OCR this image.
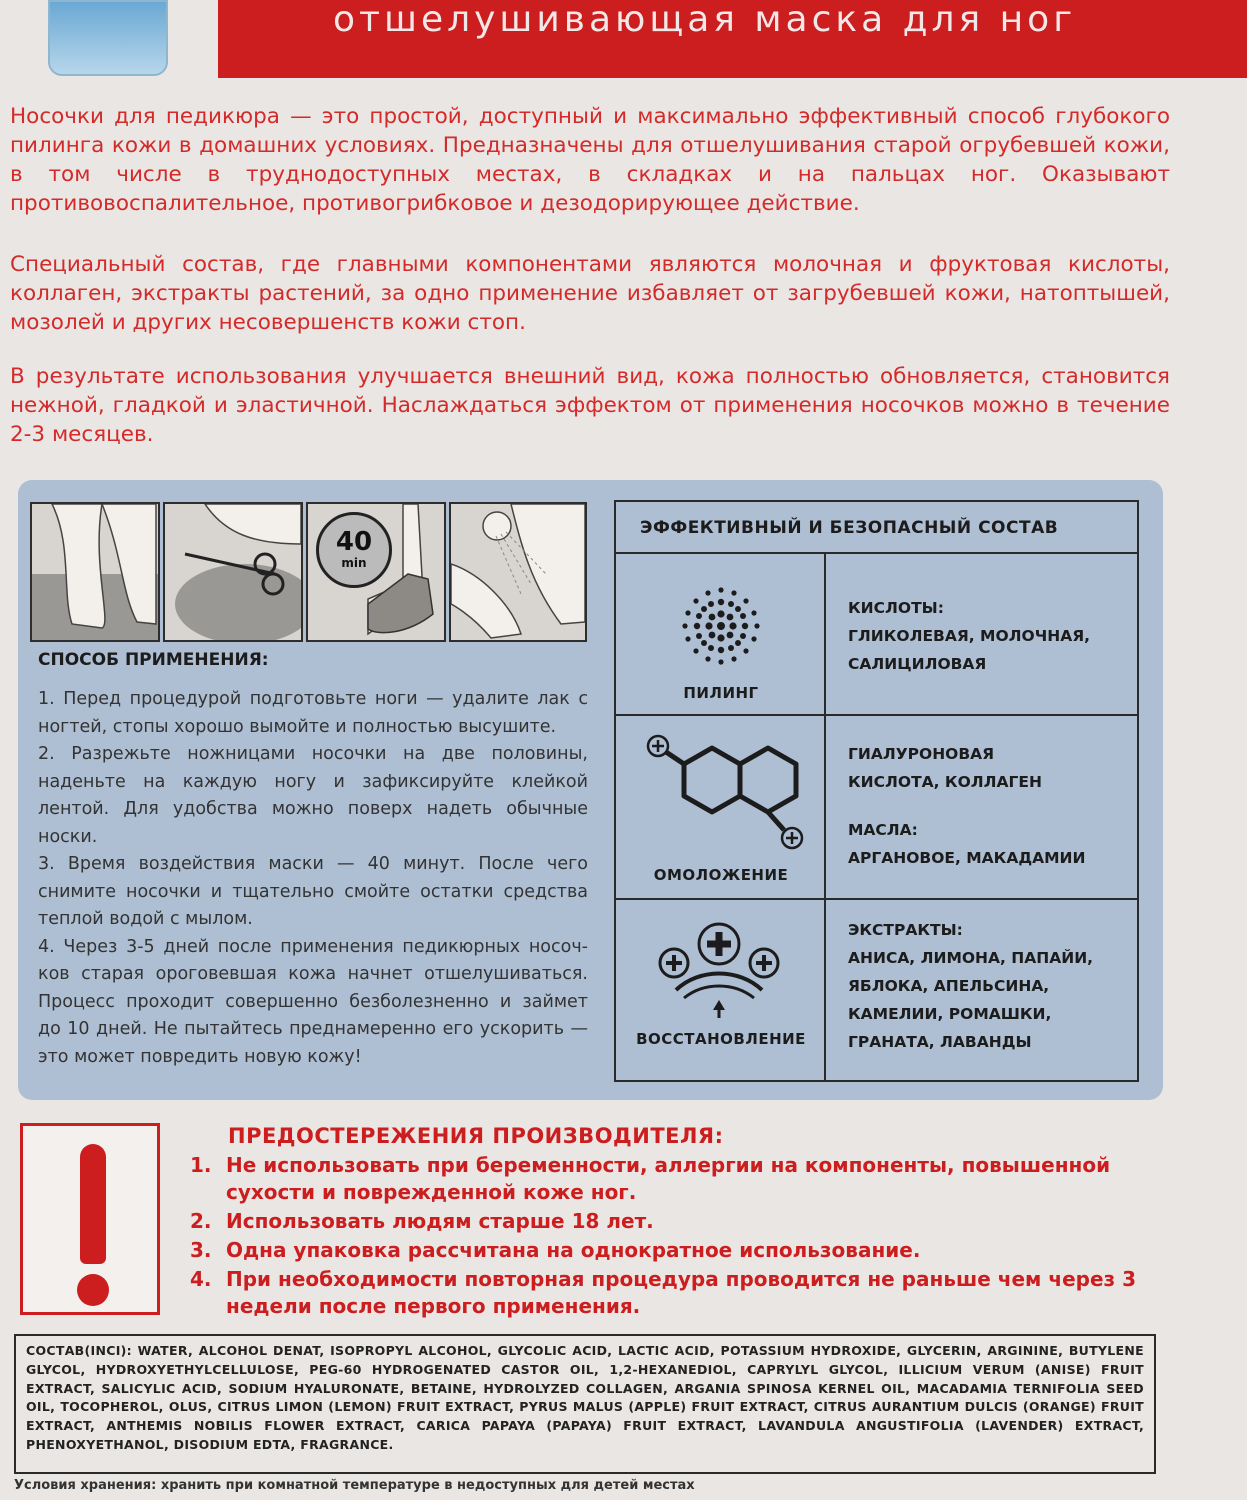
отшелушивающая маска для ног

Носочки для педикюра — это простой, доступный и максимально эффективный способ глубокого пилинга кожи в домашних условиях. Предназначены для отшелушивания старой огрубевшей кожи, в том числе в труднодоступных местах, в складках и на пальцах ног. Оказывают противовоспалительное, противогрибковое и дезодорирующее действие.

Специальный состав, где главными компонентами являются молочная и фруктовая кислоты, коллаген, экстракты растений, за одно применение избавляет от загрубевшей кожи, натоптышей, мозолей и других несовершенств кожи стоп.

В результате использования улучшается внешний вид, кожа полностью обновляется, становится нежной, гладкой и эластичной. Наслаждаться эффектом от применения носочков можно в течение 2-3 месяцев.

40
min
СПОСОБ ПРИМЕНЕНИЯ:

1. Перед процедурой подготовьте ноги — удалите лак с ногтей, стопы хорошо вымойте и полностью высушите.

2. Разрежьте ножницами носочки на две половины, наденьте на каждую ногу и зафиксируйте клейкой лентой. Для удобства можно поверх надеть обычные носки.

3. Время воздействия маски — 40 минут. После чего снимите носочки и тщательно смойте остатки средства теплой водой с мылом.

4. Через 3-5 дней после применения педикюрных носоч-ков старая ороговевшая кожа начнет отшелушиваться. Процесс проходит совершенно безболезненно и займет до 10 дней. Не пытайтесь преднамеренно его ускорить — это может повредить новую кожу!

ЭФФЕКТИВНЫЙ И БЕЗОПАСНЫЙ СОСТАВ
ПИЛИНГ
КИСЛОТЫ:
ГЛИКОЛЕВАЯ, МОЛОЧНАЯ,
САЛИЦИЛОВАЯ
ОМОЛОЖЕНИЕ
ГИАЛУРОНОВАЯ
КИСЛОТА, КОЛЛАГЕН
МАСЛА:
АРГАНОВОЕ, МАКАДАМИИ
ВОССТАНОВЛЕНИЕ
ЭКСТРАКТЫ:
АНИСА, ЛИМОНА, ПАПАЙИ,
ЯБЛОКА, АПЕЛЬСИНА,
КАМЕЛИИ, РОМАШКИ,
ГРАНАТА, ЛАВАНДЫ
ПРЕДОСТЕРЕЖЕНИЯ ПРОИЗВОДИТЕЛЯ:
1. Не использовать при беременности, аллергии на компоненты, повышенной сухости и поврежденной коже ног.
2. Использовать людям старше 18 лет.
3. Одна упаковка рассчитана на однократное использование.
4. При необходимости повторная процедура проводится не раньше чем через 3 недели после первого применения.
СОСТАВ(INCI): WATER, ALCOHOL DENAT, ISOPROPYL ALCOHOL, GLYCOLIC ACID, LACTIC ACID, POTASSIUM HYDROXIDE, GLYCERIN, ARGININE, BUTYLENE GLYCOL, HYDROXYETHYLCELLULOSE, PEG-60 HYDROGENATED CASTOR OIL, 1,2-HEXANEDIOL, CAPRYLYL GLYCOL, ILLICIUM VERUM (ANISE) FRUIT EXTRACT, SALICYLIC ACID, SODIUM HYALURONATE, BETAINE, HYDROLYZED COLLAGEN, ARGANIA SPINOSA KERNEL OIL, MACADAMIA TERNIFOLIA SEED OIL, TOCOPHEROL, OLUS, CITRUS LIMON (LEMON) FRUIT EXTRACT, PYRUS MALUS (APPLE) FRUIT EXTRACT, CITRUS AURANTIUM DULCIS (ORANGE) FRUIT EXTRACT, ANTHEMIS NOBILIS FLOWER EXTRACT, CARICA PAPAYA (PAPAYA) FRUIT EXTRACT, LAVANDULA ANGUSTIFOLIA (LAVENDER) EXTRACT, PHENOXYETHANOL, DISODIUM EDTA, FRAGRANCE.
Условия хранения: хранить при комнатной температуре в недоступных для детей местах
